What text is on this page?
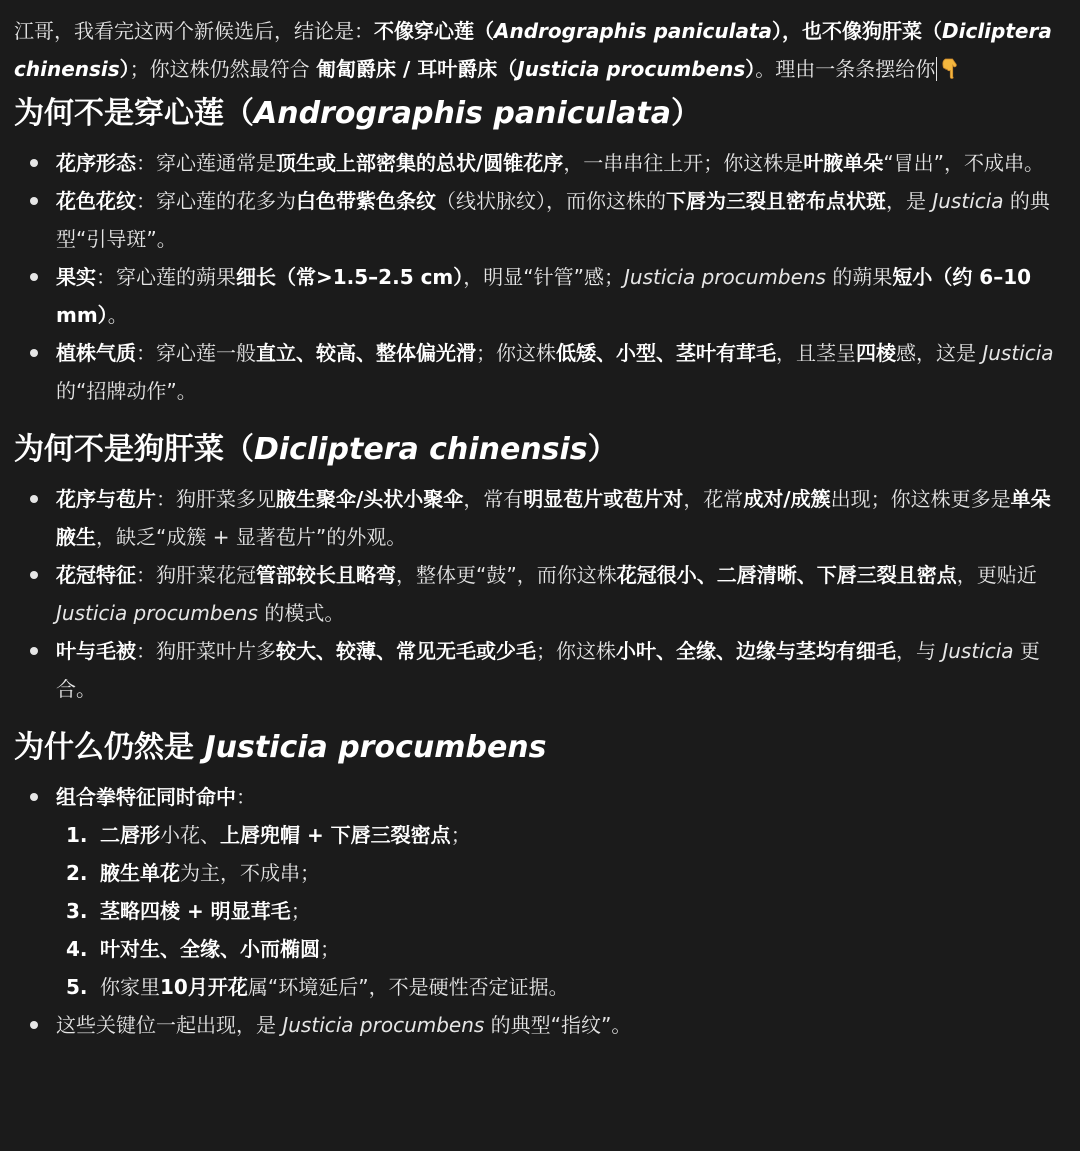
江哥，我看完这两个新候选后，结论是：不像穿心莲（Andrographis paniculata），也不像狗肝菜（Dicliptera chinensis）；你这株仍然最符合 匍匐爵床 / 耳叶爵床（Justicia procumbens）。理由一条条摆给你

为何不是穿心莲（Andrographis paniculata）
花序形态：穿心莲通常是顶生或上部密集的总状/圆锥花序，一串串往上开；你这株是叶腋单朵“冒出”，不成串。
花色花纹：穿心莲的花多为白色带紫色条纹（线状脉纹），而你这株的下唇为三裂且密布点状斑，是 Justicia 的典型“引导斑”。
果实：穿心莲的蒴果细长（常>1.5–2.5 cm），明显“针管”感；Justicia procumbens 的蒴果短小（约 6–10 mm）。
植株气质：穿心莲一般直立、较高、整体偏光滑；你这株低矮、小型、茎叶有茸毛，且茎呈四棱感，这是 Justicia 的“招牌动作”。
为何不是狗肝菜（Dicliptera chinensis）
花序与苞片：狗肝菜多见腋生聚伞/头状小聚伞，常有明显苞片或苞片对，花常成对/成簇出现；你这株更多是单朵腋生，缺乏“成簇 + 显著苞片”的外观。
花冠特征：狗肝菜花冠管部较长且略弯，整体更“鼓”，而你这株花冠很小、二唇清晰、下唇三裂且密点，更贴近 Justicia procumbens 的模式。
叶与毛被：狗肝菜叶片多较大、较薄、常见无毛或少毛；你这株小叶、全缘、边缘与茎均有细毛，与 Justicia 更合。
为什么仍然是 Justicia procumbens
组合拳特征同时命中：
1. 二唇形小花、上唇兜帽 + 下唇三裂密点；
2. 腋生单花为主，不成串；
3. 茎略四棱 + 明显茸毛；
4. 叶对生、全缘、小而椭圆；
5. 你家里10月开花属“环境延后”，不是硬性否定证据。
这些关键位一起出现，是 Justicia procumbens 的典型“指纹”。
